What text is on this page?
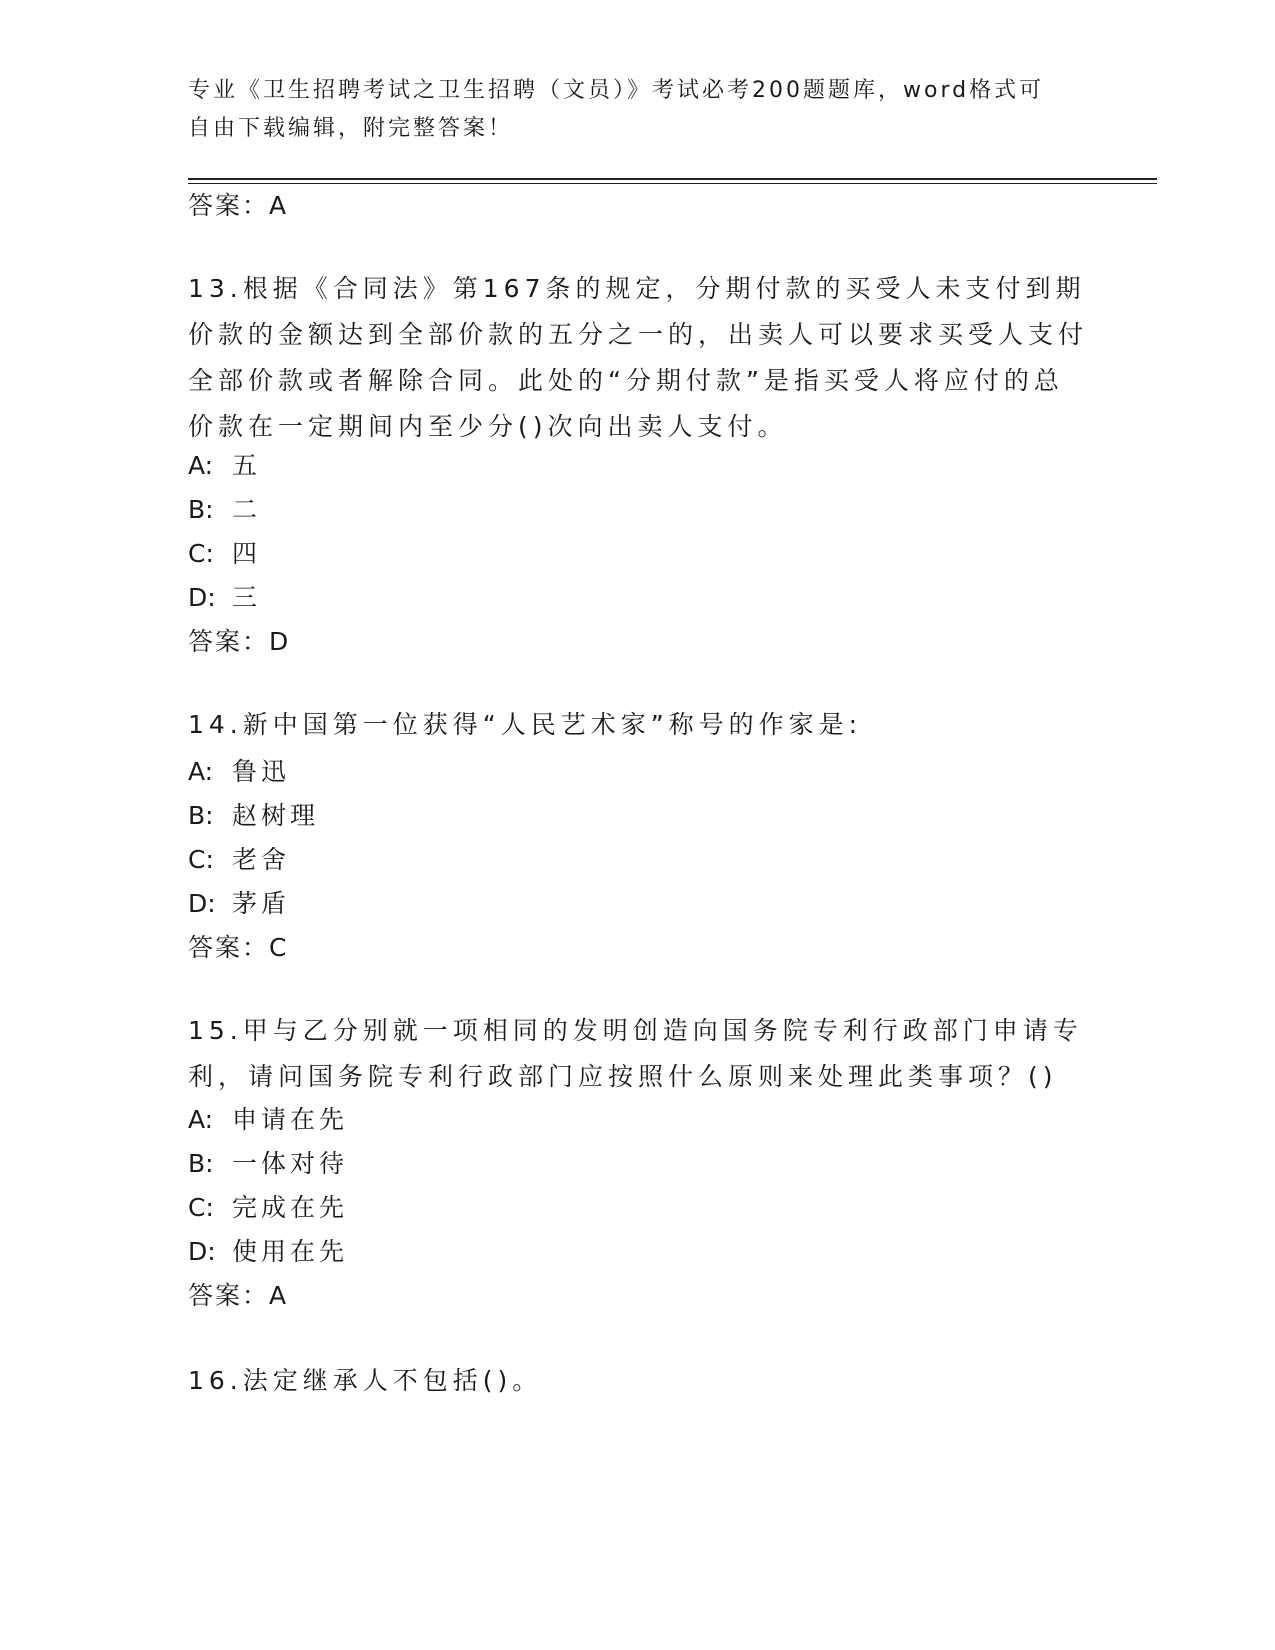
专业《卫生招聘考试之卫生招聘（文员）》考试必考200题题库，word格式可自由下载编辑，附完整答案！
答案：A
13.根据《合同法》第167条的规定，分期付款的买受人未支付到期价款的金额达到全部价款的五分之一的，出卖人可以要求买受人支付全部价款或者解除合同。此处的“分期付款”是指买受人将应付的总价款在一定期间内至少分()次向出卖人支付。
A: 五
B: 二
C: 四
D: 三
答案：D
14.新中国第一位获得“人民艺术家”称号的作家是:
A: 鲁迅
B: 赵树理
C: 老舍
D: 茅盾
答案：C
15.甲与乙分别就一项相同的发明创造向国务院专利行政部门申请专利，请问国务院专利行政部门应按照什么原则来处理此类事项？()
A: 申请在先
B: 一体对待
C: 完成在先
D: 使用在先
答案：A
16.法定继承人不包括()。
